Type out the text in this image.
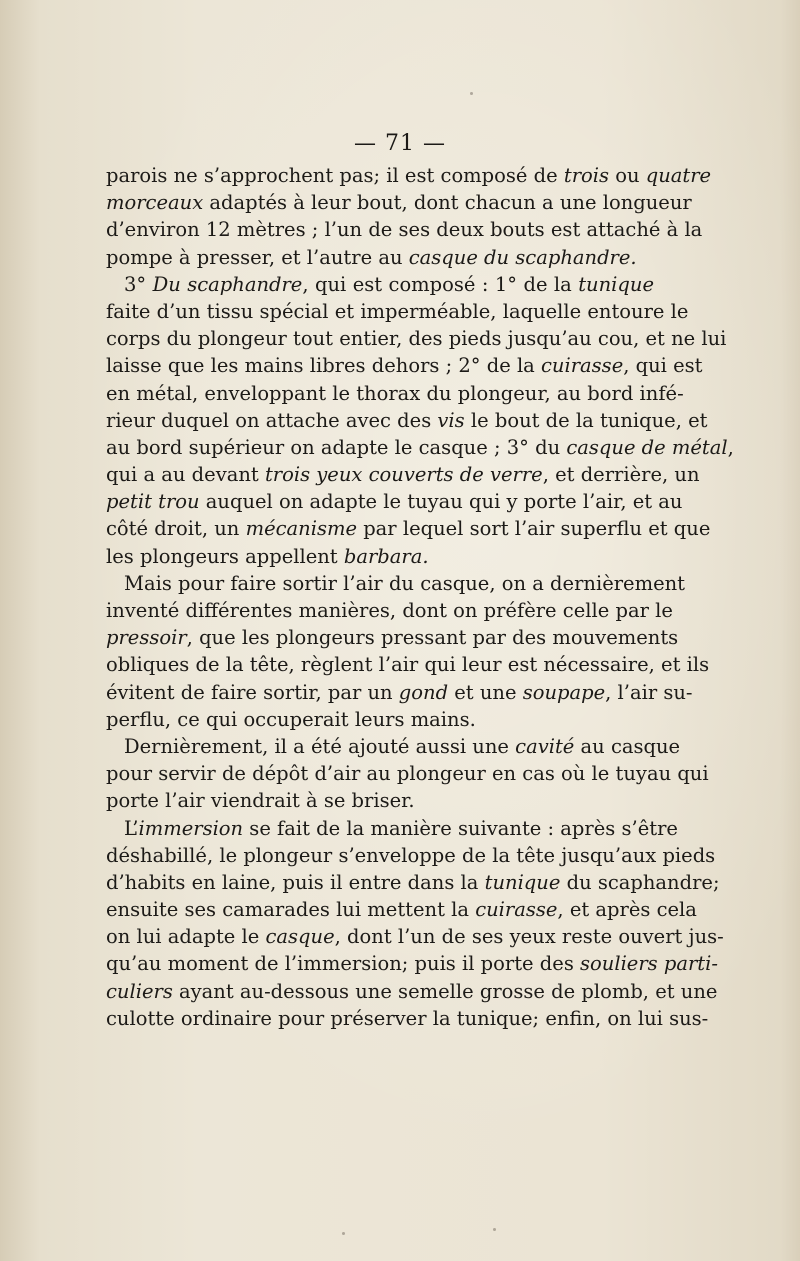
— 71 —
parois ne s’approchent pas; il est composé de trois ou quatre
morceaux adaptés à leur bout, dont chacun a une longueur
d’environ 12 mètres ; l’un de ses deux bouts est attaché à la
pompe à presser, et l’autre au casque du scaphandre.
3° Du scaphandre, qui est composé : 1° de la tunique
faite d’un tissu spécial et imperméable, laquelle entoure le
corps du plongeur tout entier, des pieds jusqu’au cou, et ne lui
laisse que les mains libres dehors ; 2° de la cuirasse, qui est
en métal, enveloppant le thorax du plongeur, au bord infé-
rieur duquel on attache avec des vis le bout de la tunique, et
au bord supérieur on adapte le casque ; 3° du casque de métal,
qui a au devant trois yeux couverts de verre, et derrière, un
petit trou auquel on adapte le tuyau qui y porte l’air, et au
côté droit, un mécanisme par lequel sort l’air superflu et que
les plongeurs appellent barbara.
Mais pour faire sortir l’air du casque, on a dernièrement
inventé différentes manières, dont on préfère celle par le
pressoir, que les plongeurs pressant par des mouvements
obliques de la tête, règlent l’air qui leur est nécessaire, et ils
évitent de faire sortir, par un gond et une soupape, l’air su-
perflu, ce qui occuperait leurs mains.
Dernièrement, il a été ajouté aussi une cavité au casque
pour servir de dépôt d’air au plongeur en cas où le tuyau qui
porte l’air viendrait à se briser.
L’immersion se fait de la manière suivante : après s’être
déshabillé, le plongeur s’enveloppe de la tête jusqu’aux pieds
d’habits en laine, puis il entre dans la tunique du scaphandre;
ensuite ses camarades lui mettent la cuirasse, et après cela
on lui adapte le casque, dont l’un de ses yeux reste ouvert jus-
qu’au moment de l’immersion; puis il porte des souliers parti-
culiers ayant au-dessous une semelle grosse de plomb, et une
culotte ordinaire pour préserver la tunique; enfin, on lui sus-
